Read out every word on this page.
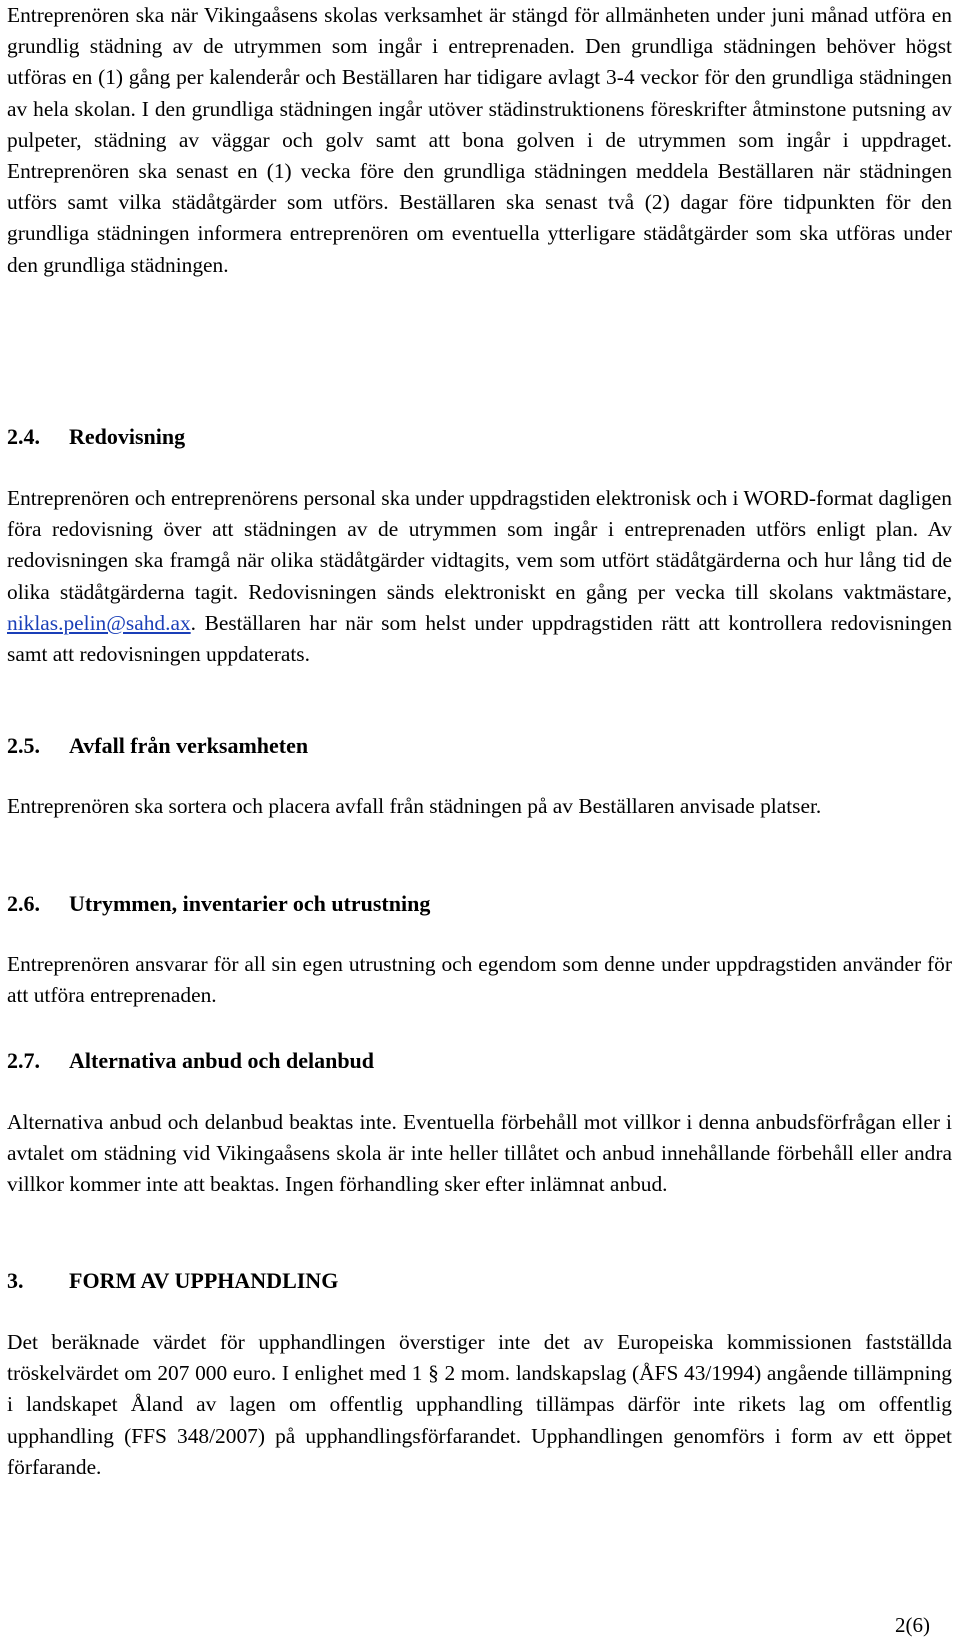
Entreprenören ska när Vikingaåsens skolas verksamhet är stängd för allmänheten under juni månad utföra en grundlig städning av de utrymmen som ingår i entreprenaden. Den grundliga städningen behöver högst utföras en (1) gång per kalenderår och Beställaren har tidigare avlagt 3-4 veckor för den grundliga städningen av hela skolan. I den grundliga städningen ingår utöver städinstruktionens föreskrifter åtminstone putsning av pulpeter, städning av väggar och golv samt att bona golven i de utrymmen som ingår i uppdraget. Entreprenören ska senast en (1) vecka före den grundliga städningen meddela Beställaren när städningen utförs samt vilka städåtgärder som utförs. Beställaren ska senast två (2) dagar före tidpunkten för den grundliga städningen informera entreprenören om eventuella ytterligare städåtgärder som ska utföras under den grundliga städningen.

2.4.	Redovisning

Entreprenören och entreprenörens personal ska under uppdragstiden elektronisk och i WORD-format dagligen föra redovisning över att städningen av de utrymmen som ingår i entreprenaden utförs enligt plan. Av redovisningen ska framgå när olika städåtgärder vidtagits, vem som utfört städåtgärderna och hur lång tid de olika städåtgärderna tagit. Redovisningen sänds elektroniskt en gång per vecka till skolans vaktmästare, niklas.pelin@sahd.ax. Beställaren har när som helst under uppdragstiden rätt att kontrollera redovisningen samt att redovisningen uppdaterats.

2.5.	Avfall från verksamheten

Entreprenören ska sortera och placera avfall från städningen på av Beställaren anvisade platser.

2.6.	Utrymmen, inventarier och utrustning

Entreprenören ansvarar för all sin egen utrustning och egendom som denne under uppdragstiden använder för att utföra entreprenaden.

2.7.	Alternativa anbud och delanbud

Alternativa anbud och delanbud beaktas inte. Eventuella förbehåll mot villkor i denna anbudsförfrågan eller i avtalet om städning vid Vikingaåsens skola är inte heller tillåtet och anbud innehållande förbehåll eller andra villkor kommer inte att beaktas. Ingen förhandling sker efter inlämnat anbud.

3.	FORM AV UPPHANDLING

Det beräknade värdet för upphandlingen överstiger inte det av Europeiska kommissionen fastställda tröskelvärdet om 207 000 euro. I enlighet med 1 § 2 mom. landskapslag (ÅFS 43/1994) angående tillämpning i landskapet Åland av lagen om offentlig upphandling tillämpas därför inte rikets lag om offentlig upphandling (FFS 348/2007) på upphandlingsförfarandet. Upphandlingen genomförs i form av ett öppet förfarande.

2(6)
